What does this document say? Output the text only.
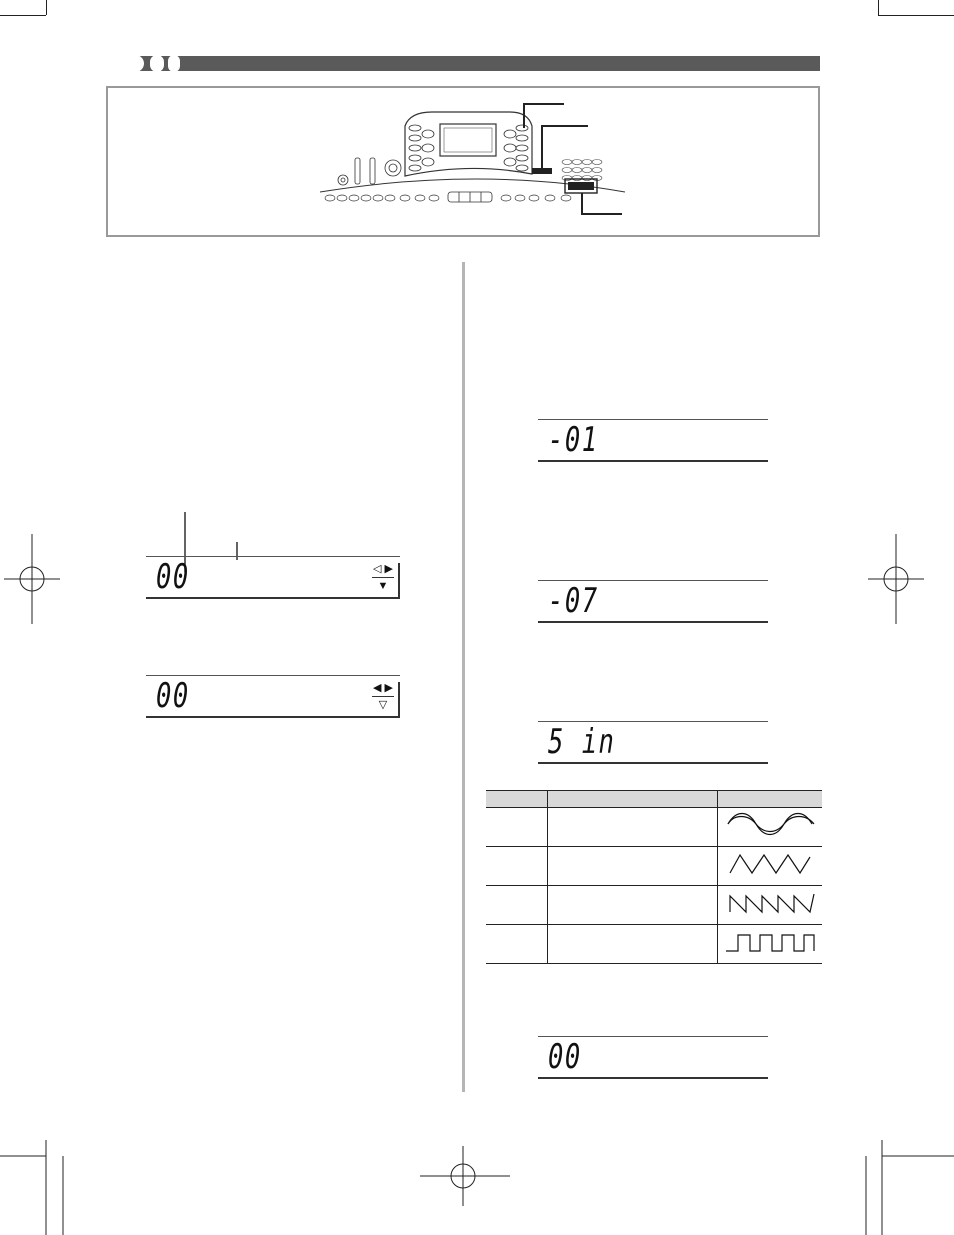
00	◁ ▶
▼
00	◀ ▶
▽
-01
-07
5 in

00
